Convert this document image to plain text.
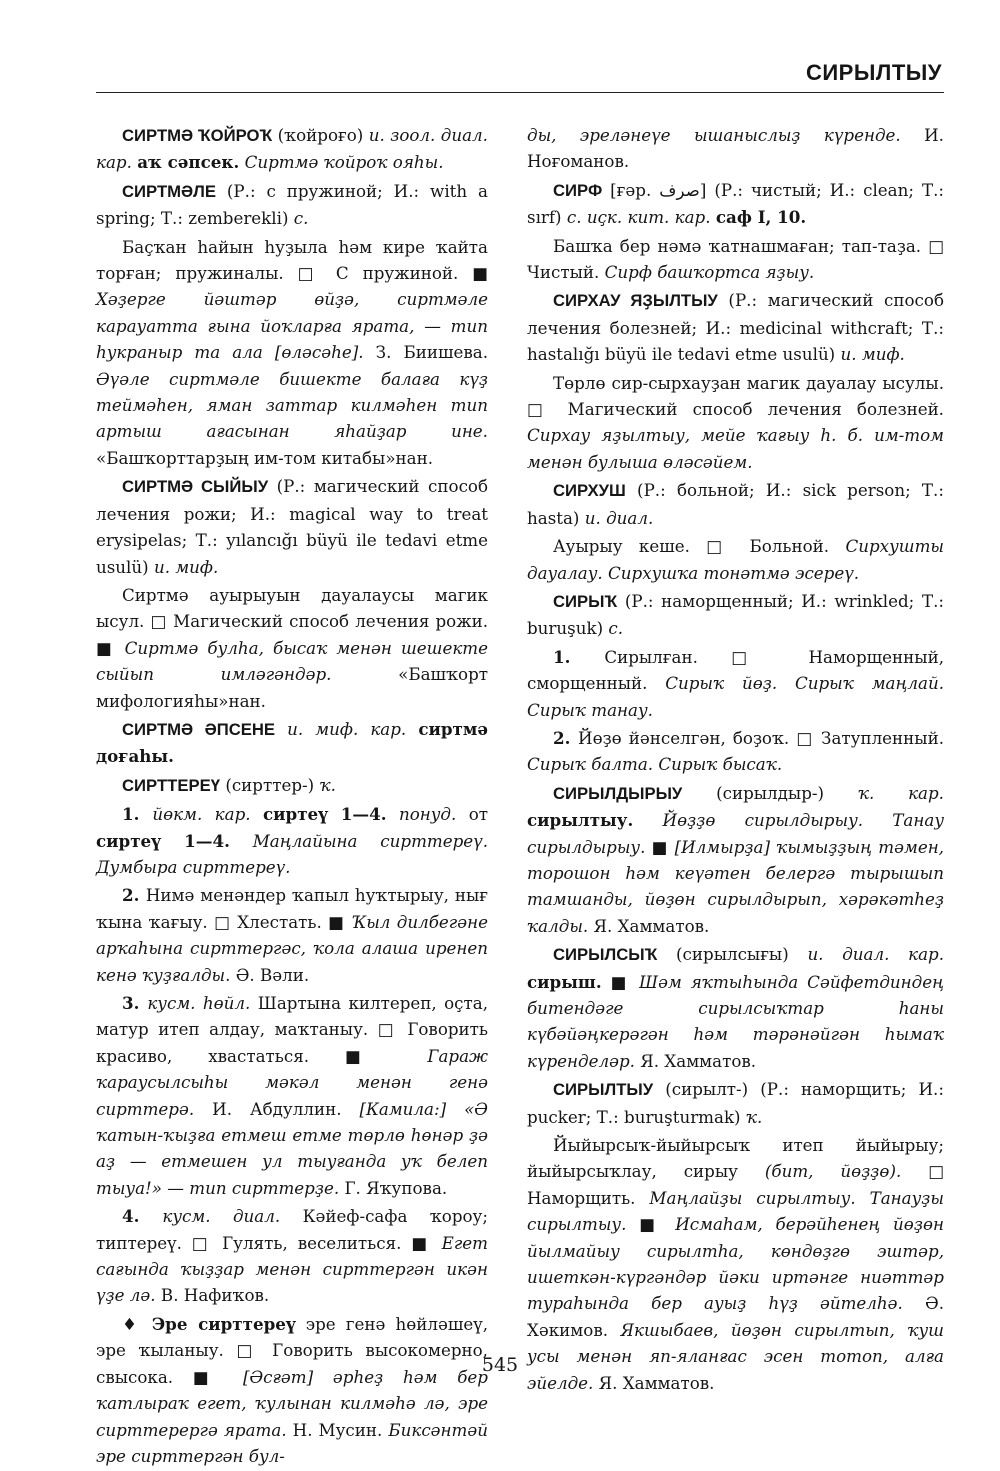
СИРЫЛТЫУ

СИРТМӘ ҠОЙРОҠ (ҡойроғо) и. зоол. диал. кар. аҡ сәпсек. Сиртмә ҡойроҡ ояһы.

СИРТМӘЛЕ (Р.: с пружиной; И.: with a spring; Т.: zemberekli) с.

Баҫҡан һайын һуҙыла һәм кире ҡайта торған; пружиналы. □ С пружиной. ■ Хәҙерге йәштәр өйҙә, сиртмәле карауатта ғына йоҡларға ярата, — тип һукраныр та ала [өләсәһе]. З. Биишева. Әүәле сиртмәле бишекте балаға күҙ теймәһен, яман заттар килмәһен тип артыш ағасынан яһайҙар ине. «Башҡорттарҙың им-том китабы»нан.

СИРТМӘ СЫЙЫУ (Р.: магический способ лечения рожи; И.: magical way to treat erysipelas; Т.: yılancığı büyü ile tedavi etme usulü) и. миф.

Сиртмә ауырыуын дауалаусы магик ысул. □ Магический способ лечения рожи. ■ Сиртмә булһа, бысаҡ менән шешекте сыйып имләгәндәр. «Башҡорт мифологияһы»нан.

СИРТМӘ ӘПСЕНЕ и. миф. кар. сиртмә доғаһы.

СИРТТЕРЕҮ (сирттер-) ҡ.

1. йөкм. кар. сиртеү 1—4. понуд. от сиртеү 1—4. Маңлайына сирттереү. Думбыра сирттереү.

2. Нимә менәндер ҡапыл һуҡтырыу, нығ ҡына ҡағыу. □ Хлестать. ■ Ҡыл дилбегәне арҡаһына сирттергәс, ҡола алаша иренеп кенә ҡуҙғалды. Ә. Вәли.

3. кусм. һөйл. Шартына килтереп, оҫта, матур итеп алдау, маҡтаныу. □ Говорить красиво, хвастаться. ■ Гараж ҡараусылсыһы мәкәл менән генә сирттерә. И. Абдуллин. [Камила:] «Ә ҡатын-ҡыҙға етмеш етме төрлө һөнәр ҙә аҙ — етмешен ул тыуғанда уҡ белеп тыуа!» — тип сирттерҙе. Г. Яҡупова.

4. кусм. диал. Кәйеф-сафа ҡороу; типтереү. □ Гулять, веселиться. ■ Егет сағында ҡыҙҙар менән сирттергән икән үҙе лә. В. Нафиҡов.

♦ Эре сирттереү эре генә һөйләшеү, эре ҡыланыу. □ Говорить высокомерно, свысока. ■ [Әсғәт] әрһеҙ һәм бер ҡатлыраҡ егет, ҡулынан килмәһә лә, эре сирттерергә ярата. Н. Мусин. Биксәнтәй эре сирттергән бул-

ды, эреләнеүе ышаныслыҙ күренде. И. Ноғоманов.

СИРФ [ғәр. صرف] (Р.: чистый; И.: clean; Т.: sırf) с. иҫк. кит. кар. саф I, 10.

Башҡа бер нәмә ҡатнашмаған; тап-таҙа. □ Чистый. Сирф башҡортса яҙыу.

СИРХАУ ЯҘЫЛТЫУ (Р.: магический способ лечения болезней; И.: medicinal withcraft; Т.: hastalığı büyü ile tedavi etme usulü) и. миф.

Төрлө сир-сырхауҙан магик дауалау ысулы. □ Магический способ лечения болезней. Сирхау яҙылтыу, мейе ҡағыу һ. б. им-том менән булыша өләсәйем.

СИРХУШ (Р.: больной; И.: sick person; Т.: hasta) и. диал.

Ауырыу кеше. □ Больной. Сирхушты дауалау. Сирхушҡа тонәтмә эсереү.

СИРЫҠ (Р.: наморщенный; И.: wrinkled; Т.: buruşuk) с.

1. Сирылған. □ Наморщенный, сморщенный. Сирыҡ йөҙ. Сирыҡ маңлай. Сирыҡ танау.

2. Йөҙө йәнселгән, боҙоҡ. □ Затупленный. Сирыҡ балта. Сирыҡ бысаҡ.

СИРЫЛДЫРЫУ (сирылдыр-) ҡ. кар. сирылтыу. Йөҙҙө сирылдырыу. Танау сирылдырыу. ■ [Илмырҙа] ҡымыҙҙың тәмен, торошон һәм кеүәтен белергә тырышып тамшанды, йөҙөн сирылдырып, хәрәкәтһеҙ ҡалды. Я. Хамматов.

СИРЫЛСЫҠ (сирылсығы) и. диал. кар. сирыш. ■ Шәм яҡтыһында Сәйфетдиндең битендәге сирылсыҡтар һаны күбәйәңкерәгән һәм тәрәнәйгән һымаҡ күренделәр. Я. Хамматов.

СИРЫЛТЫУ (сирылт-) (Р.: наморщить; И.: pucker; Т.: buruşturmak) ҡ.

Йыйырсыҡ-йыйырсыҡ итеп йыйырыу; йыйырсыҡлау, сирыу (бит, йөҙҙө). □ Наморщить. Маңлайҙы сирылтыу. Танауҙы сирылтыу. ■ Исмаһам, берәйһенең йөҙөн йылмайыу сирылтһа, көндөҙгө эштәр, ишеткән-күргәндәр йәки иртәнге ниәттәр тураһында бер ауыҙ һүҙ әйтелһә. Ә. Хәкимов. Якшыбаев, йөҙөн сирылтып, ҡуш усы менән яп-яланғас эсен тотоп, алға эйелде. Я. Хамматов.

545
